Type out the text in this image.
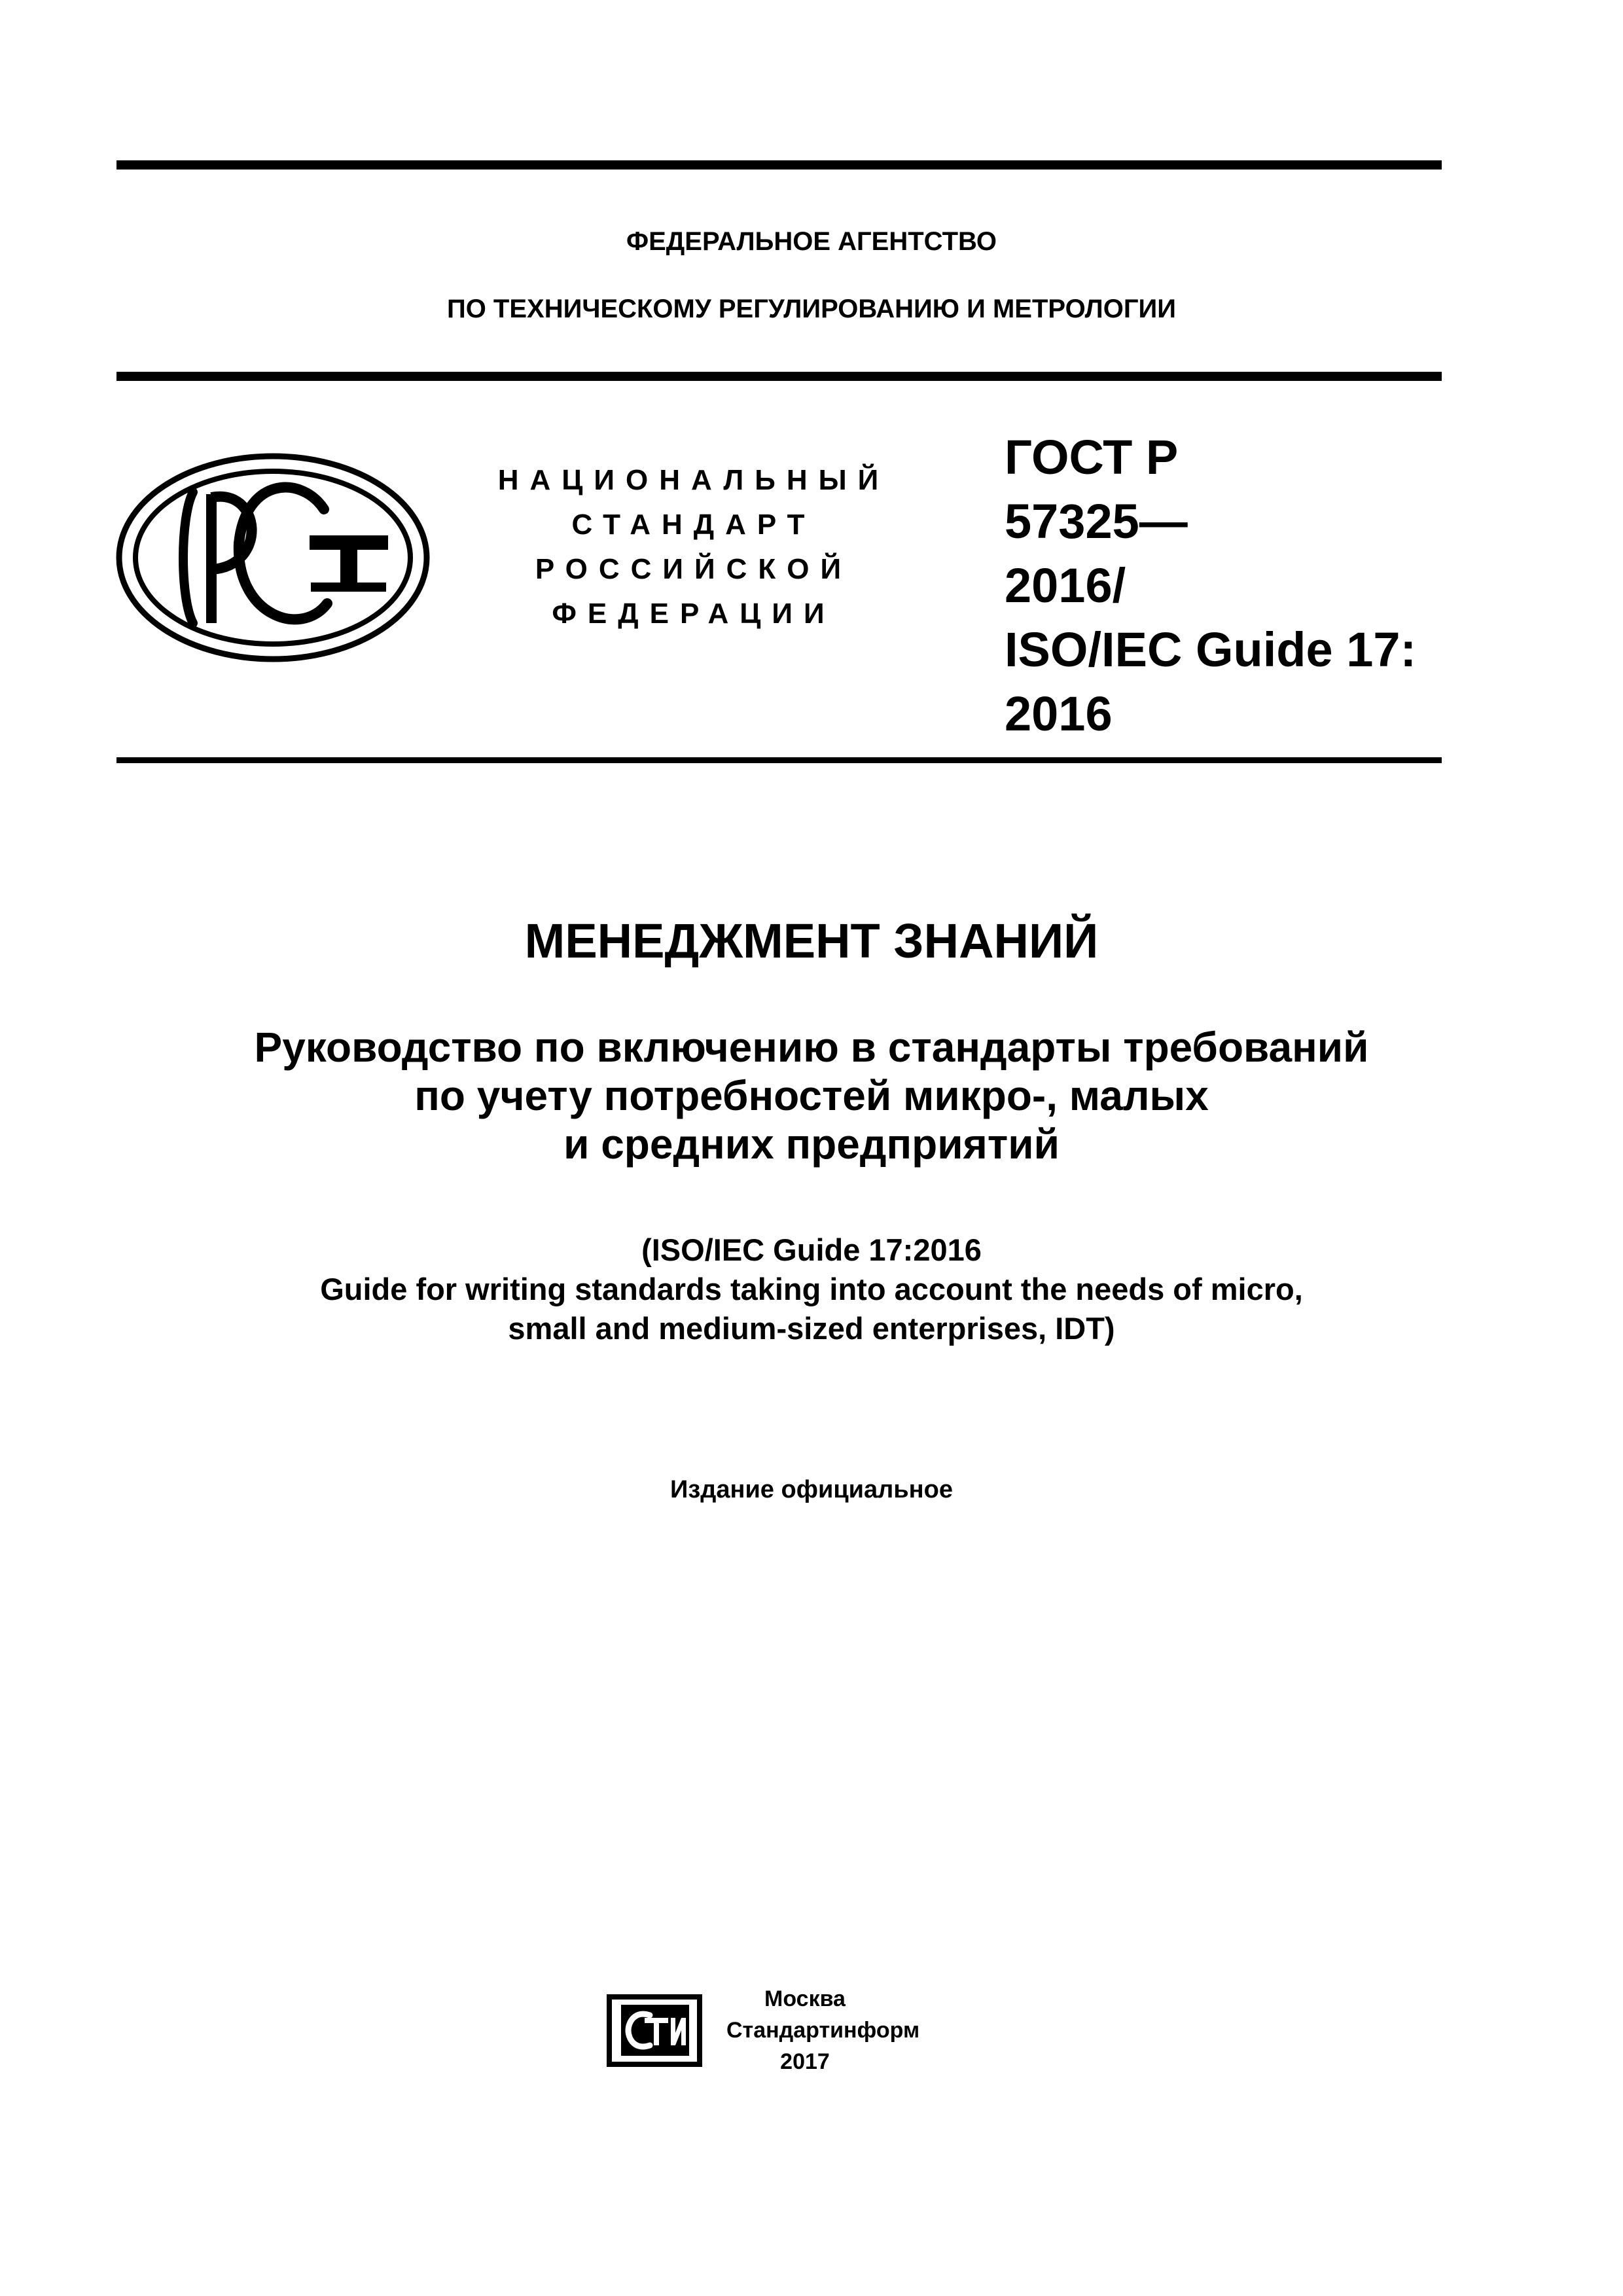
ФЕДЕРАЛЬНОЕ АГЕНТСТВО
ПО ТЕХНИЧЕСКОМУ РЕГУЛИРОВАНИЮ И МЕТРОЛОГИИ
НАЦИОНАЛЬНЫЙ
СТАНДАРТ
РОССИЙСКОЙ
ФЕДЕРАЦИИ
ГОСТ Р
57325—
2016/
ISO/IEC Guide 17:
2016
МЕНЕДЖМЕНТ ЗНАНИЙ
Руководство по включению в стандарты требований
по учету потребностей микро-, малых
и средних предприятий
(ISO/IEC Guide 17:2016
Guide for writing standards taking into account the needs of micro,
small and medium-sized enterprises, IDT)
Издание официальное
Москва
Стандартинформ
2017
